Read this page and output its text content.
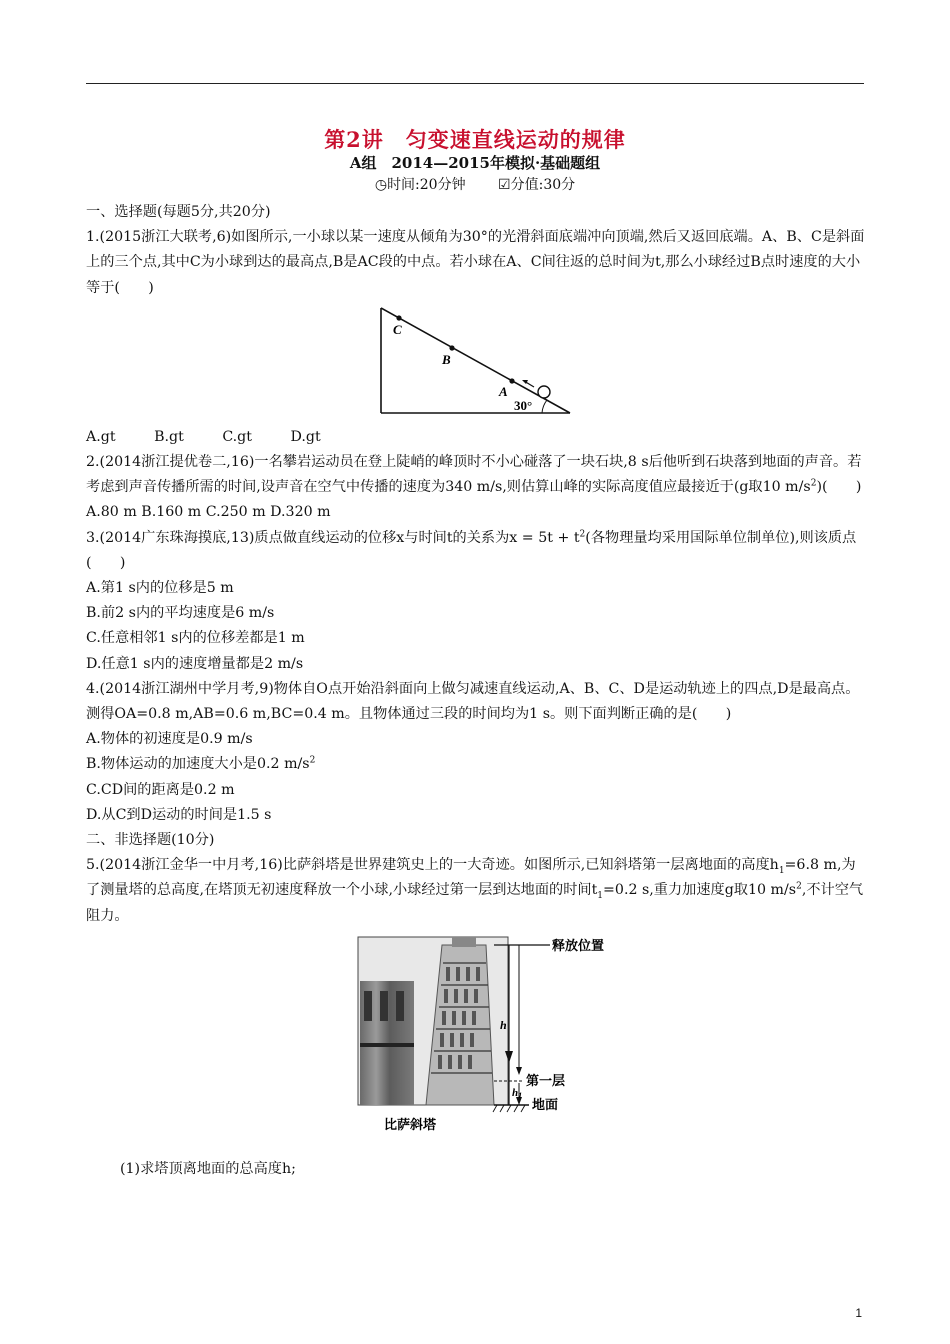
第2讲　匀变速直线运动的规律
A组　2014—2015年模拟·基础题组
◷时间:20分钟 ☑分值:30分

一、选择题(每题5分,共20分)

1.(2015浙江大联考,6)如图所示,一小球以某一速度从倾角为30°的光滑斜面底端冲向顶端,然后又返回底端。A、B、C是斜面上的三个点,其中C为小球到达的最高点,B是AC段的中点。若小球在A、C间往返的总时间为t,那么小球经过B点时速度的大小等于(　　)

C
B
A
30°

A.gt	B.gt	C.gt	D.gt

2.(2014浙江提优卷二,16)一名攀岩运动员在登上陡峭的峰顶时不小心碰落了一块石块,8 s后他听到石块落到地面的声音。若考虑到声音传播所需的时间,设声音在空气中传播的速度为340 m/s,则估算山峰的实际高度值应最接近于(g取10 $m/s^2$)(　　)

A.80 m B.160 m C.250 m D.320 m

3.(2014广东珠海摸底,13)质点做直线运动的位移x与时间t的关系为$x = 5t + t^2$(各物理量均采用国际单位制单位),则该质点(　　)

A.第1 s内的位移是5 m

B.前2 s内的平均速度是6 m/s

C.任意相邻1 s内的位移差都是1 m

D.任意1 s内的速度增量都是2 m/s

4.(2014浙江湖州中学月考,9)物体自O点开始沿斜面向上做匀减速直线运动,A、B、C、D是运动轨迹上的四点,D是最高点。测得OA=0.8 m,AB=0.6 m,BC=0.4 m。且物体通过三段的时间均为1 s。则下面判断正确的是(　　)

A.物体的初速度是0.9 m/s

B.物体运动的加速度大小是0.2 $m/s^2$

C.CD间的距离是0.2 m

D.从C到D运动的时间是1.5 s

二、非选择题(10分)

5.(2014浙江金华一中月考,16)比萨斜塔是世界建筑史上的一大奇迹。如图所示,已知斜塔第一层离地面的高度$h_1=6.8$ m,为了测量塔的总高度,在塔顶无初速度释放一个小球,小球经过第一层到达地面的时间$t_1=0.2$ s,重力加速度g取10 $m/s^2$,不计空气阻力。

释放位置
h
第一层
h1
地面
比萨斜塔

(1)求塔顶离地面的总高度h;

1
